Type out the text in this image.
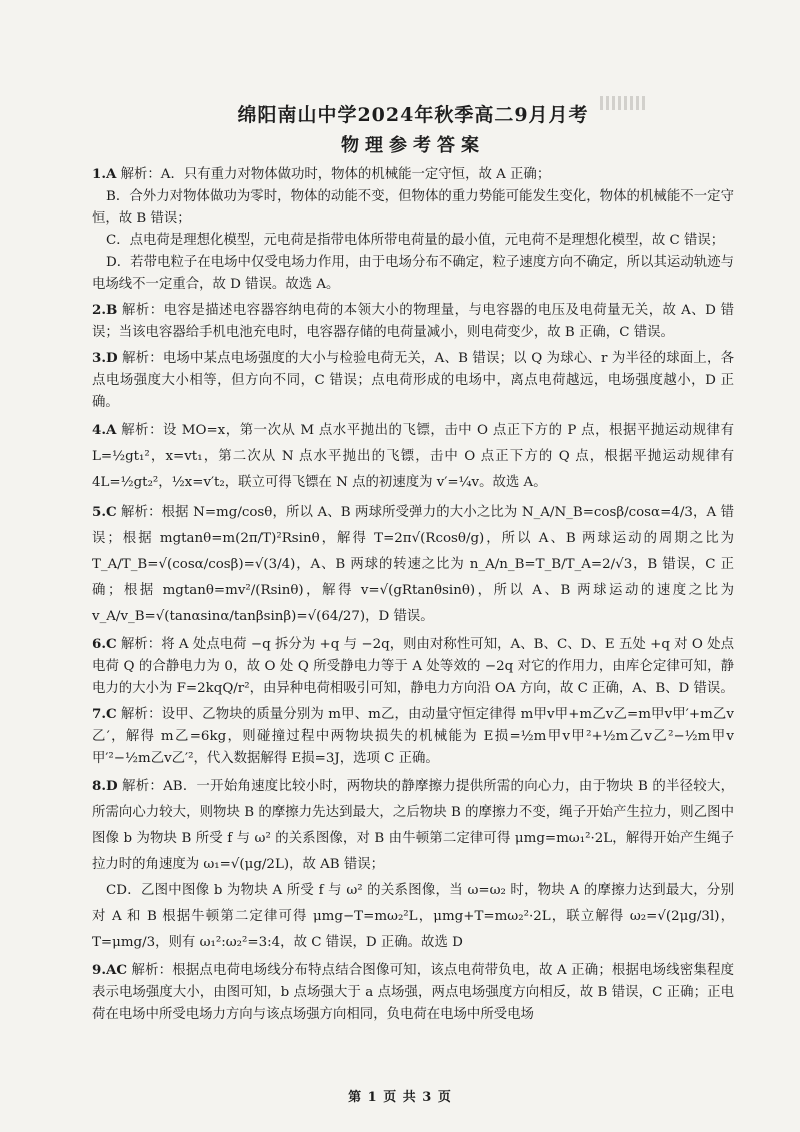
绵阳南山中学2024年秋季高二9月月考
物理参考答案

1.A 解析：A．只有重力对物体做功时，物体的机械能一定守恒，故 A 正确；

B．合外力对物体做功为零时，物体的动能不变，但物体的重力势能可能发生变化，物体的机械能不一定守恒，故 B 错误；

C．点电荷是理想化模型，元电荷是指带电体所带电荷量的最小值，元电荷不是理想化模型，故 C 错误；

D．若带电粒子在电场中仅受电场力作用，由于电场分布不确定，粒子速度方向不确定，所以其运动轨迹与电场线不一定重合，故 D 错误。故选 A。

2.B 解析：电容是描述电容器容纳电荷的本领大小的物理量，与电容器的电压及电荷量无关，故 A、D 错误；当该电容器给手机电池充电时，电容器存储的电荷量减小，则电荷变少，故 B 正确，C 错误。

3.D 解析：电场中某点电场强度的大小与检验电荷无关，A、B 错误；以 Q 为球心、r 为半径的球面上，各点电场强度大小相等，但方向不同，C 错误；点电荷形成的电场中，离点电荷越远，电场强度越小，D 正确。

4.A 解析：设 MO=x，第一次从 M 点水平抛出的飞镖，击中 O 点正下方的 P 点，根据平抛运动规律有 L=½gt₁²，x=vt₁，第二次从 N 点水平抛出的飞镖，击中 O 点正下方的 Q 点，根据平抛运动规律有 4L=½gt₂²，½x=v′t₂，联立可得飞镖在 N 点的初速度为 v′=¼v。故选 A。

5.C 解析：根据 N=mg/cosθ，所以 A、B 两球所受弹力的大小之比为 N_A/N_B=cosβ/cosα=4/3，A 错误；根据 mgtanθ=m(2π/T)²Rsinθ，解得 T=2π√(Rcosθ/g)，所以 A、B 两球运动的周期之比为 T_A/T_B=√(cosα/cosβ)=√(3/4)，A、B 两球的转速之比为 n_A/n_B=T_B/T_A=2/√3，B 错误，C 正确；根据 mgtanθ=mv²/(Rsinθ)，解得 v=√(gRtanθsinθ)，所以 A、B 两球运动的速度之比为 v_A/v_B=√(tanαsinα/tanβsinβ)=√(64/27)，D 错误。

6.C 解析：将 A 处点电荷 −q 拆分为 +q 与 −2q，则由对称性可知，A、B、C、D、E 五处 +q 对 O 处点电荷 Q 的合静电力为 0，故 O 处 Q 所受静电力等于 A 处等效的 −2q 对它的作用力，由库仑定律可知，静电力的大小为 F=2kqQ/r²，由异种电荷相吸引可知，静电力方向沿 OA 方向，故 C 正确，A、B、D 错误。

7.C 解析：设甲、乙物块的质量分别为 m甲、m乙，由动量守恒定律得 m甲v甲+m乙v乙=m甲v甲′+m乙v乙′，解得 m乙=6kg，则碰撞过程中两物块损失的机械能为 E损=½m甲v甲²+½m乙v乙²−½m甲v甲′²−½m乙v乙′²，代入数据解得 E损=3J，选项 C 正确。

8.D 解析：AB．一开始角速度比较小时，两物块的静摩擦力提供所需的向心力，由于物块 B 的半径较大，所需向心力较大，则物块 B 的摩擦力先达到最大，之后物块 B 的摩擦力不变，绳子开始产生拉力，则乙图中图像 b 为物块 B 所受 f 与 ω² 的关系图像，对 B 由牛顿第二定律可得 μmg=mω₁²·2L，解得开始产生绳子拉力时的角速度为 ω₁=√(μg/2L)，故 AB 错误；

CD．乙图中图像 b 为物块 A 所受 f 与 ω² 的关系图像，当 ω=ω₂ 时，物块 A 的摩擦力达到最大，分别对 A 和 B 根据牛顿第二定律可得 μmg−T=mω₂²L，μmg+T=mω₂²·2L，联立解得 ω₂=√(2μg/3l)，T=μmg/3，则有 ω₁²:ω₂²=3:4，故 C 错误，D 正确。故选 D

9.AC 解析：根据点电荷电场线分布特点结合图像可知，该点电荷带负电，故 A 正确；根据电场线密集程度表示电场强度大小，由图可知，b 点场强大于 a 点场强，两点电场强度方向相反，故 B 错误，C 正确；正电荷在电场中所受电场力方向与该点场强方向相同，负电荷在电场中所受电场

第 1 页 共 3 页
